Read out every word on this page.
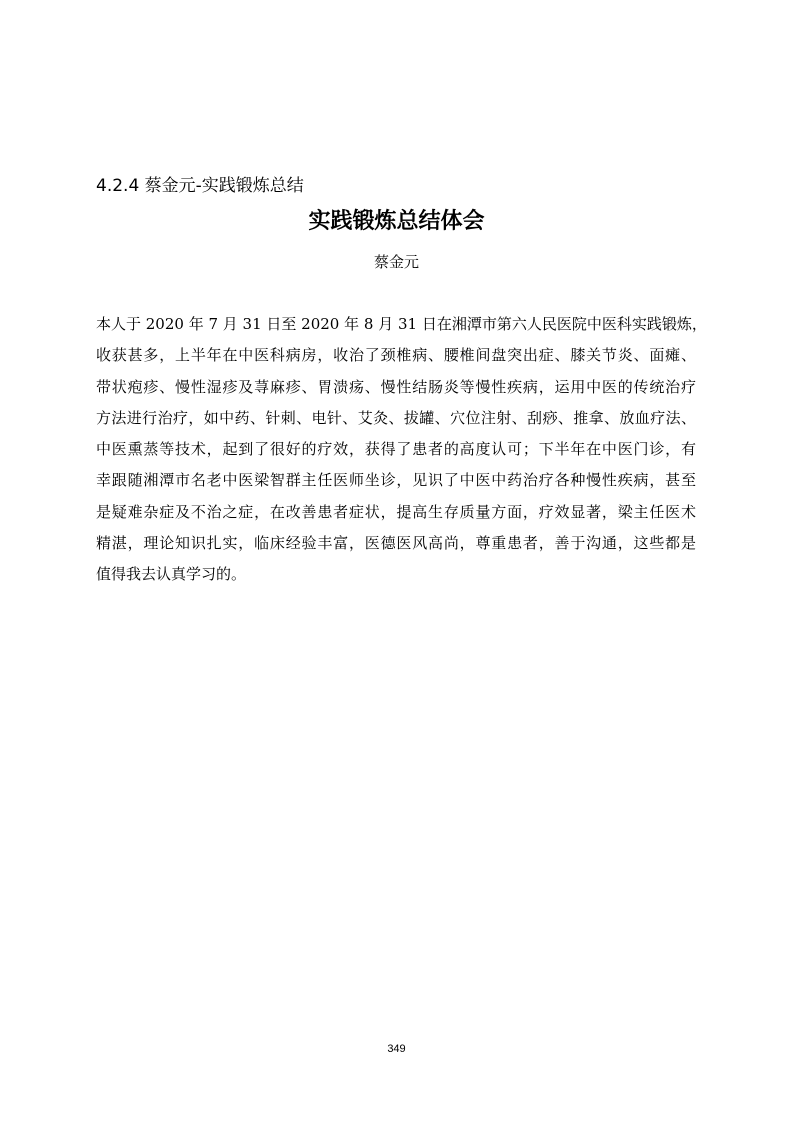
4.2.4 蔡金元-实践锻炼总结
实践锻炼总结体会
蔡金元
本人于 2020 年 7 月 31 日至 2020 年 8 月 31 日在湘潭市第六人民医院中医科实践锻炼，
收获甚多，上半年在中医科病房，收治了颈椎病、腰椎间盘突出症、膝关节炎、面瘫、
带状疱疹、慢性湿疹及荨麻疹、胃溃疡、慢性结肠炎等慢性疾病，运用中医的传统治疗
方法进行治疗，如中药、针刺、电针、艾灸、拔罐、穴位注射、刮痧、推拿、放血疗法、
中医熏蒸等技术，起到了很好的疗效，获得了患者的高度认可；下半年在中医门诊，有
幸跟随湘潭市名老中医梁智群主任医师坐诊，见识了中医中药治疗各种慢性疾病，甚至
是疑难杂症及不治之症，在改善患者症状，提高生存质量方面，疗效显著，梁主任医术
精湛，理论知识扎实，临床经验丰富，医德医风高尚，尊重患者，善于沟通，这些都是
值得我去认真学习的。
349
